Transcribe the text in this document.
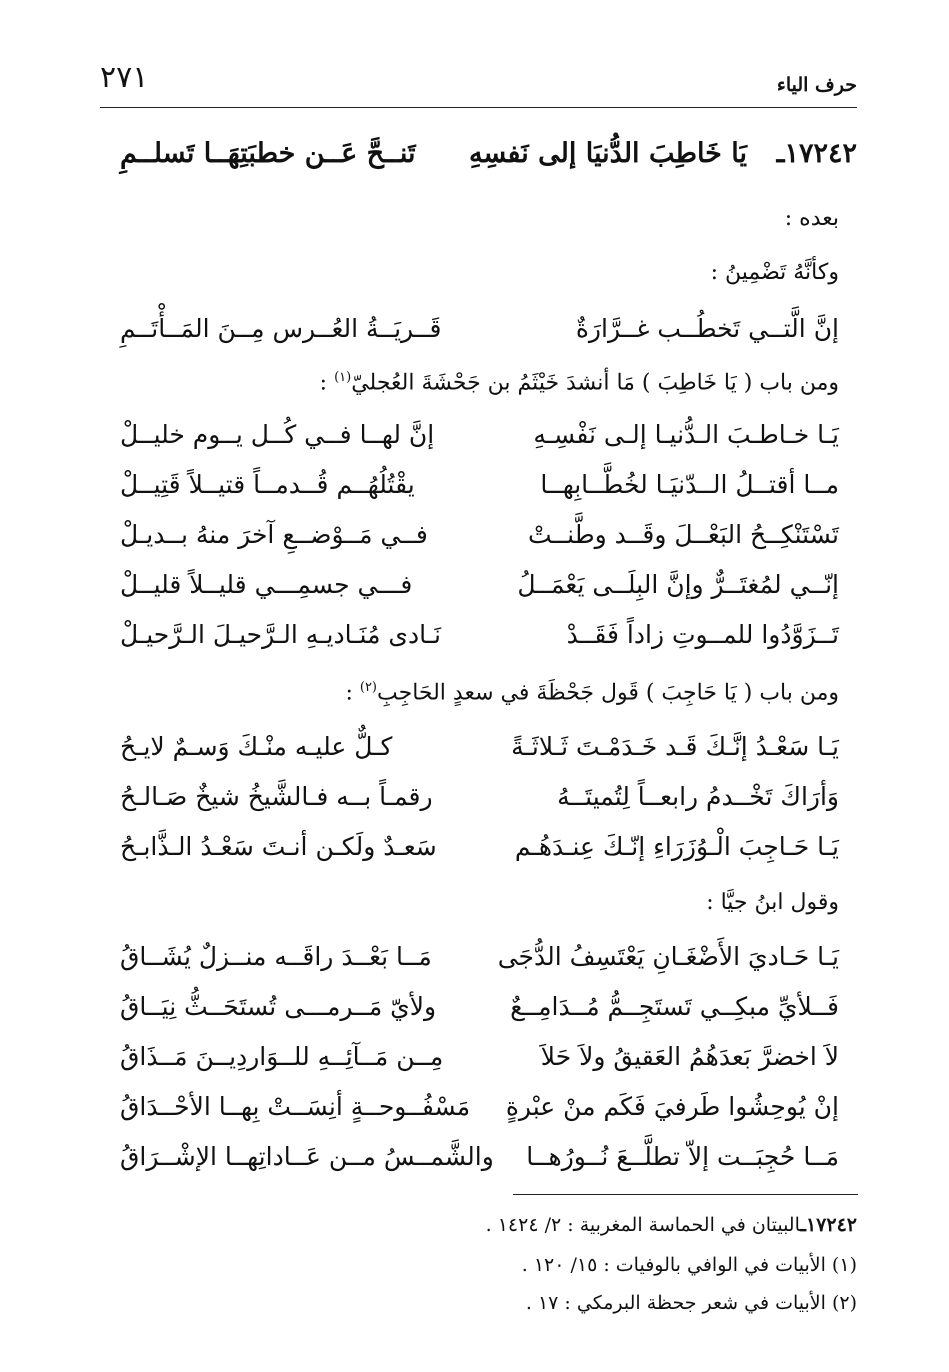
حرف الياء
٢٧١
١٧٢٤٢ـ
يَا خَاطِبَ الدُّنيَا إلى نَفسِهِ
تَنــحَّ عَــن خطبَتِهَــا تَسلــمِ
بعده :
وكأنَّهُ تَضْمِينُ :
إنَّ الَّتــي تَخطُــب غــرَّارَةٌ
قَــريَــةُ العُــرس مِــنَ المَــأْتَــمِ
ومن باب ( يَا خَاطِبَ ) مَا أنشدَ خَيْثَمُ بن جَحْشَةَ العُجليّ$^{(١)}$ :
يَـا خـاطـبَ الـدُّنيـا إلـى نَفْسِـهِ
إنَّ لهــا فــي كُــل يــوم خليــلْ
مــا أقتــلُ الــدّنيَـا لخُطَّــابِهــا
يقْتُلُهُــم قُــدمــاً قتيــلاً قَتِيــلْ
تَسْتَنْكِــحُ البَعْــلَ وقَــد وطَّنــتْ
فــي مَــوْضــعِ آخرَ منهُ بــديـلْ
إنّــي لمُغتَــرٌّ وإنَّ البِلَــى يَعْمَــلُ
فـــي جسمِـــي قليــلاً قليــلْ
تَــزَوَّدُوا للمــوتِ زاداً فَقَــدْ
نَـادى مُنَـاديـهِ الـرَّحيـلَ الـرَّحيـلْ
ومن باب ( يَا حَاجِبَ ) قَول جَحْظَةَ في سعدٍ الحَاجِبِ$^{(٢)}$ :
يَـا سَعْـدُ إنَّـكَ قَـد خَـدَمْـتَ ثَـلاثَـةً
كـلٌّ عليـه منْـكَ وَسـمٌ لايـحُ
وَأرَاكَ تَخْــدمُ رابعــاً لِتُميتَــهُ
رقمـاً بــه فـالشَّيخُ شيخٌ صَـالـحُ
يَـا حَـاجِبَ الْـوُزَرَاءِ إنّـكَ عِنـدَهُـم
سَعـدٌ ولَكـن أنـتَ سَعْـدُ الـذَّابـحُ
وقول ابنُ جيَّا :
يَـا حَـاديَ الأَضْغَـانِ يَعْتَسِفُ الدُّجَى
مَــا بَعْــدَ راقَــه منــزلٌ يُشَــاقُ
فَــلأيِّ مبكِــي تَستَجِــمُّ مُــدَامِــعٌ
ولأيّ مَــرمـــى تُستَحَــثُّ نِيَــاقُ
لاَ اخضرَّ بَعدَهُمُ العَقيقُ ولاَ حَلاَ
مِــن مَــآئِــهِ للــوَاردِيــنَ مَــذَاقُ
إنْ يُوحِشُوا طَرفيَ فَكَم منْ عبْرةٍ
مَسْفُــوحــةٍ أنِسَــتْ بِهــا الأحْــدَاقُ
مَــا حُجِبَــت إلاّ تطلَّــعَ نُــورُهــا
والشَّمــسُ مــن عَــاداتِهــا الإشْــرَاقُ
١٧٢٤٢ـالبيتان في الحماسة المغربية : ٢/ ١٤٢٤ .
(١) الأبيات في الوافي بالوفيات : ١٥/ ١٢٠ .
(٢) الأبيات في شعر جحظة البرمكي : ١٧ .
